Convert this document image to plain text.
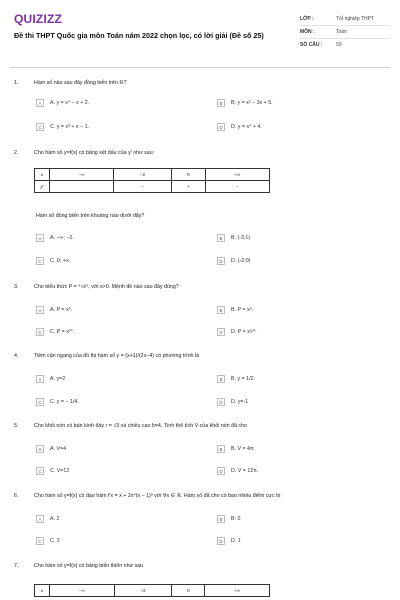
QUIZIZZ
Đề thi THPT Quốc gia môn Toán năm 2022 chọn lọc, có lời giải (Đề số 25)
LỚP :	Tốt nghiệp THPT
MÔN :	Toán
SỐ CÂU :	50
1.	Hàm số nào sau đây đồng biến trên ℝ?
A	A. y = x⁴ − x + 2.	B	B. y = x³ − 3x + 5.
C	C. y = x³ + x − 1.	D	D. y = x⁴ + 4.
2.	Cho hàm số y=f(x) có bảng xét dấu của y' như sau:
x	−∞	−2	0	+∞
y'		−	+	−
Hàm số đồng biến trên khoảng nào dưới đây?
A	A. −∞; −2.	B	B. (-3;1)
C	C. 0; +∞.	D	D. (-2;0)
3.	Cho biểu thức P = ⁴√x⁵, với x>0. Mệnh đề nào sau đây đúng?
A	A. P = x⁵.	B	B. P = x⁹.
C	C. P = x²⁰.	D	D. P = x⁵⁄⁴.
4.	Tiệm cận ngang của đồ thị hàm số y = (x+1)/(2x−4) có phương trình là
A	A. y=2	B	B. y = 1/2.
C	C. y = − 1/4.	D	D. y=-1
5.	Cho khối nón có bán kính đáy r = √3 và chiều cao h=4. Tính thể tích V của khối nón đã cho
A	A. V=4	B	B. V = 4π.
C	C. V=12	D	D. V = 12π.
6.	Cho hàm số y=f(x) có đạo hàm f'x = x + 2x⁴(x − 1)³ với ∀x ∈ ℝ. Hàm số đã cho có bao nhiêu điểm cực trị
A	A. 2	B	B. 0
C	C. 3	D	D. 1
7.	Cho hàm số y=f(x) có bảng biến thiên như sau
x	−∞	−2	0	+∞
